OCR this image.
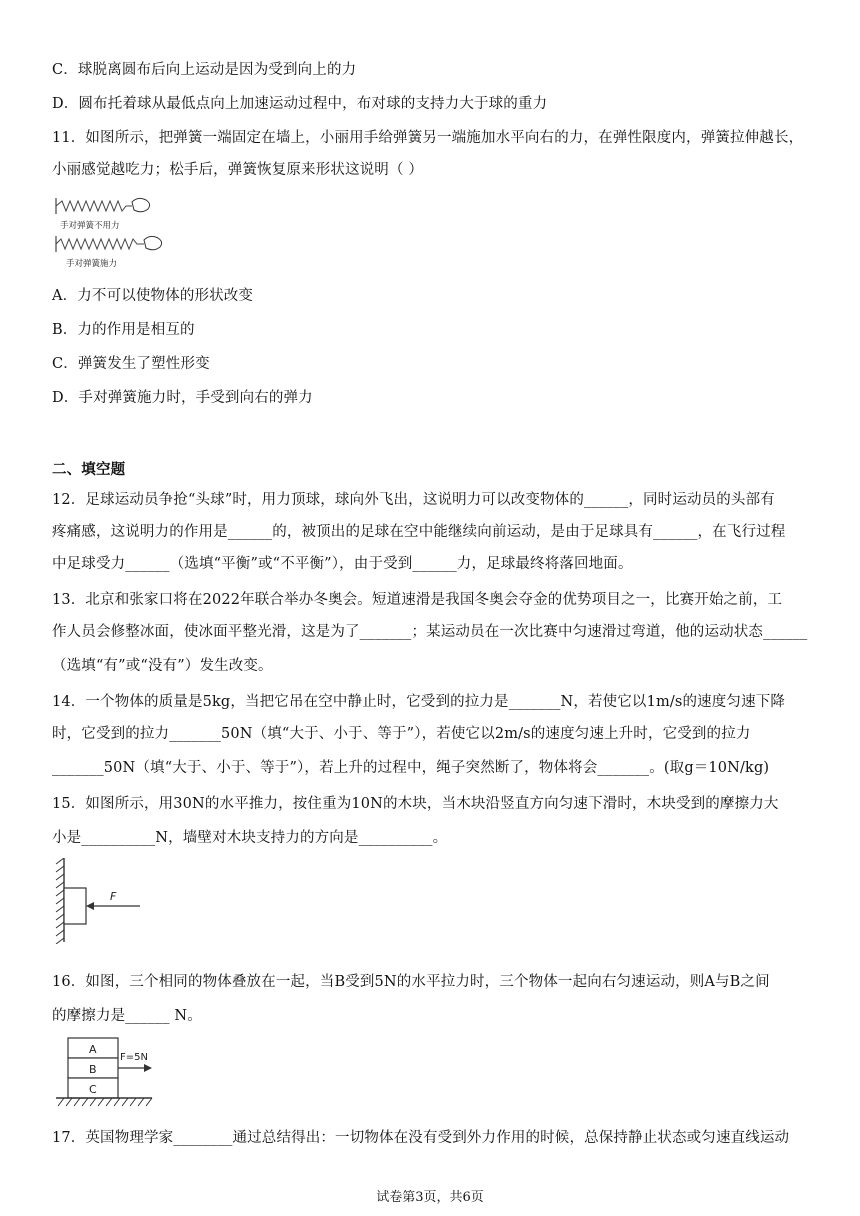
C．球脱离圆布后向上运动是因为受到向上的力
D．圆布托着球从最低点向上加速运动过程中，布对球的支持力大于球的重力
11．如图所示，把弹簧一端固定在墙上，小丽用手给弹簧另一端施加水平向右的力，在弹性限度内，弹簧拉伸越长，
小丽感觉越吃力；松手后，弹簧恢复原来形状这说明（ ）
手对弹簧不用力
手对弹簧施力
A．力不可以使物体的形状改变
B．力的作用是相互的
C．弹簧发生了塑性形变
D．手对弹簧施力时，手受到向右的弹力
二、填空题
12．足球运动员争抢“头球”时，用力顶球，球向外飞出，这说明力可以改变物体的______，同时运动员的头部有
疼痛感，这说明力的作用是______的，被顶出的足球在空中能继续向前运动，是由于足球具有______，在飞行过程
中足球受力______（选填“平衡”或“不平衡”），由于受到______力，足球最终将落回地面。
13．北京和张家口将在2022年联合举办冬奥会。短道速滑是我国冬奥会夺金的优势项目之一，比赛开始之前，工
作人员会修整冰面，使冰面平整光滑，这是为了_______；某运动员在一次比赛中匀速滑过弯道，他的运动状态______
（选填“有”或“没有”）发生改变。
14．一个物体的质量是5kg，当把它吊在空中静止时，它受到的拉力是_______N，若使它以1m/s的速度匀速下降
时，它受到的拉力_______50N（填“大于、小于、等于”），若使它以2m/s的速度匀速上升时，它受到的拉力
_______50N（填“大于、小于、等于”），若上升的过程中，绳子突然断了，物体将会_______。(取g＝10N/kg)
15．如图所示，用30N的水平推力，按住重为10N的木块，当木块沿竖直方向匀速下滑时，木块受到的摩擦力大
小是__________N，墙壁对木块支持力的方向是__________。
F
16．如图，三个相同的物体叠放在一起，当B受到5N的水平拉力时，三个物体一起向右匀速运动，则A与B之间
的摩擦力是______ N。
A
B
C
F=5N
17．英国物理学家________通过总结得出：一切物体在没有受到外力作用的时候，总保持静止状态或匀速直线运动
试卷第3页，共6页
